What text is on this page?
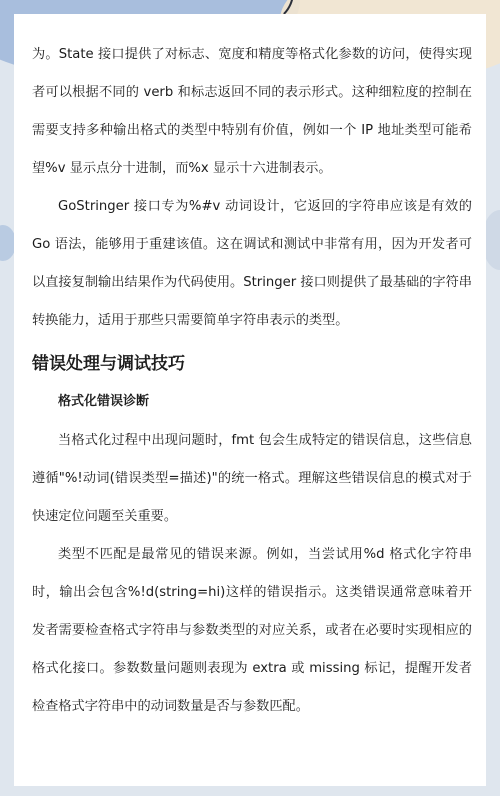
为。State 接口提供了对标志、宽度和精度等格式化参数的访问，使得实现者可以根据不同的 verb 和标志返回不同的表示形式。这种细粒度的控制在需要支持多种输出格式的类型中特别有价值，例如一个 IP 地址类型可能希望%v 显示点分十进制，而%x 显示十六进制表示。

GoStringer 接口专为%#v 动词设计，它返回的字符串应该是有效的 Go 语法，能够用于重建该值。这在调试和测试中非常有用，因为开发者可以直接复制输出结果作为代码使用。Stringer 接口则提供了最基础的字符串转换能力，适用于那些只需要简单字符串表示的类型。

错误处理与调试技巧
格式化错误诊断

当格式化过程中出现问题时，fmt 包会生成特定的错误信息，这些信息遵循"%!动词(错误类型=描述)"的统一格式。理解这些错误信息的模式对于快速定位问题至关重要。

类型不匹配是最常见的错误来源。例如，当尝试用%d 格式化字符串时，输出会包含%!d(string=hi)这样的错误指示。这类错误通常意味着开发者需要检查格式字符串与参数类型的对应关系，或者在必要时实现相应的格式化接口。参数数量问题则表现为 extra 或 missing 标记，提醒开发者检查格式字符串中的动词数量是否与参数匹配。
